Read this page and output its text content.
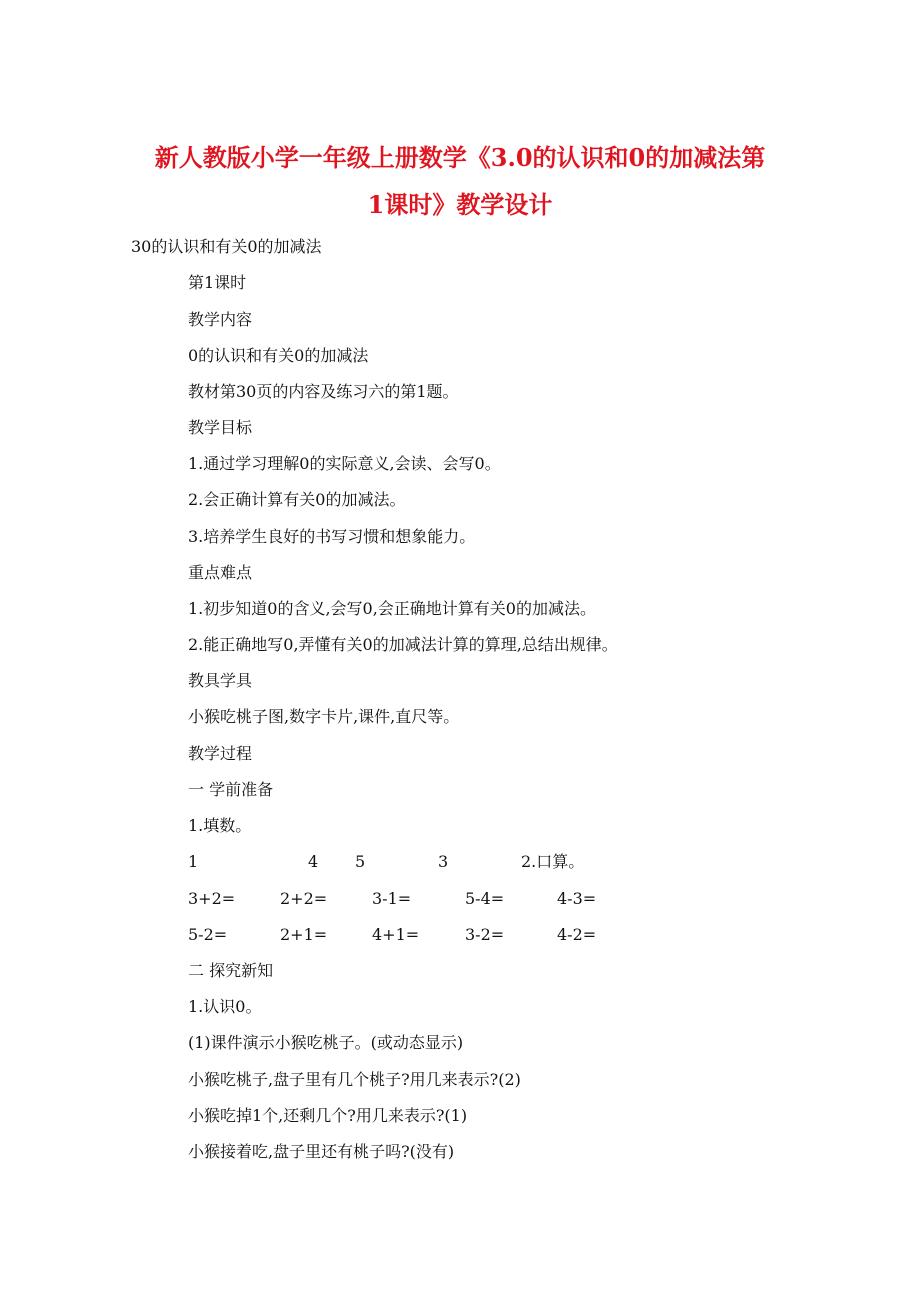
新人教版小学一年级上册数学《3.0的认识和0的加减法第
1课时》教学设计

30的认识和有关0的加减法

第1课时

教学内容

0的认识和有关0的加减法

教材第30页的内容及练习六的第1题。

教学目标

1.通过学习理解0的实际意义,会读、会写0。

2.会正确计算有关0的加减法。

3.培养学生良好的书写习惯和想象能力。

重点难点

1.初步知道0的含义,会写0,会正确地计算有关0的加减法。

2.能正确地写0,弄懂有关0的加减法计算的算理,总结出规律。

教具学具

小猴吃桃子图,数字卡片,课件,直尺等。

教学过程

一 学前准备

1.填数。

1	4 5	3	2.口算。
3+2=	2+2=	3-1=	5-4=	4-3=
5-2=	2+1=	4+1=	3-2=	4-2=

二 探究新知

1.认识0。

(1)课件演示小猴吃桃子。(或动态显示)

小猴吃桃子,盘子里有几个桃子?用几来表示?(2)

小猴吃掉1个,还剩几个?用几来表示?(1)

小猴接着吃,盘子里还有桃子吗?(没有)
